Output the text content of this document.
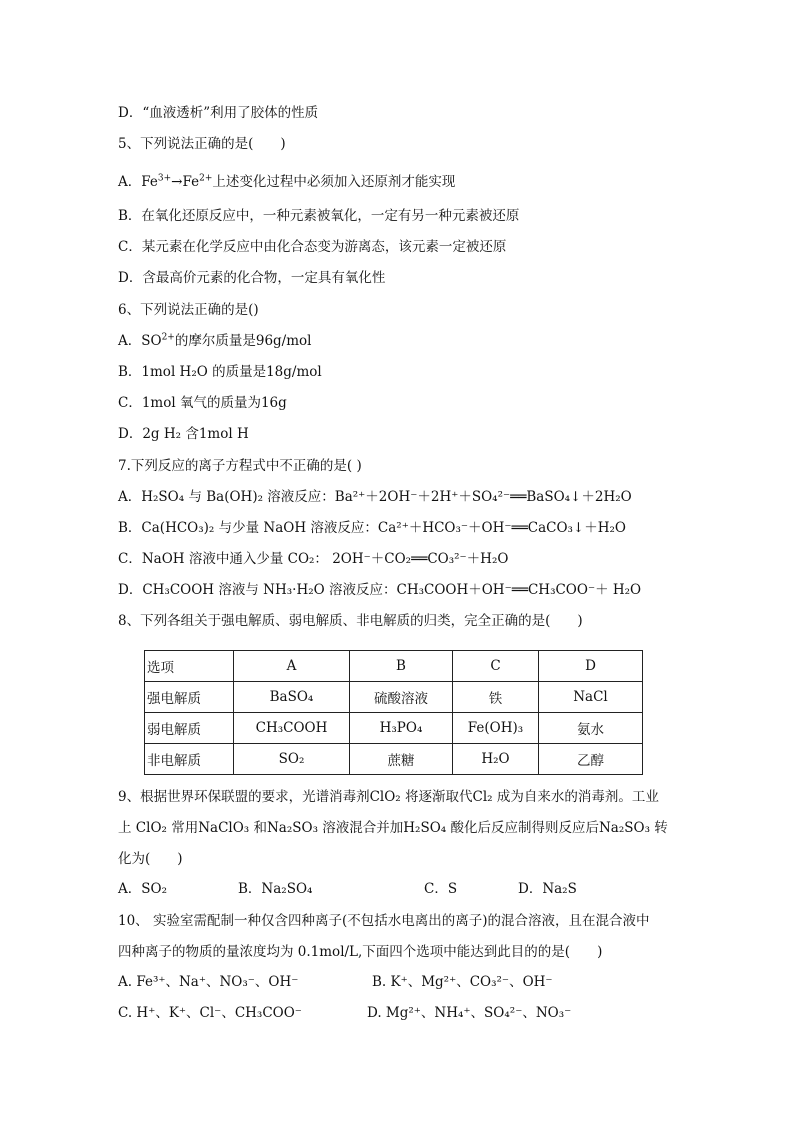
D．“血液透析”利用了胶体的性质
5、下列说法正确的是(　　)
A．$Fe^{3+}\to Fe^{2+}$上述变化过程中必须加入还原剂才能实现
B．在氧化还原反应中，一种元素被氧化，一定有另一种元素被还原
C．某元素在化学反应中由化合态变为游离态，该元素一定被还原
D．含最高价元素的化合物，一定具有氧化性
6、下列说法正确的是()
A．$SO^{2+}$的摩尔质量是96g/mol
B．1mol H₂O 的质量是18g/mol
C．1mol 氧气的质量为16g
D．2g H₂ 含1mol H
7.下列反应的离子方程式中不正确的是( )
A．H₂SO₄ 与 Ba(OH)₂ 溶液反应：Ba²⁺＋2OH⁻＋2H⁺＋SO₄²⁻══BaSO₄↓＋2H₂O
B．Ca(HCO₃)₂ 与少量 NaOH 溶液反应：Ca²⁺＋HCO₃⁻＋OH⁻══CaCO₃↓＋H₂O
C．NaOH 溶液中通入少量 CO₂： 2OH⁻＋CO₂══CO₃²⁻＋H₂O
D．CH₃COOH 溶液与 NH₃·H₂O 溶液反应：CH₃COOH＋OH⁻══CH₃COO⁻＋ H₂O
8、下列各组关于强电解质、弱电解质、非电解质的归类，完全正确的是(　　)
选项	A	B	C	D
强电解质	BaSO₄	硫酸溶液	铁	NaCl
弱电解质	CH₃COOH	H₃PO₄	Fe(OH)₃	氨水
非电解质	SO₂	蔗糖	H₂O	乙醇
9、根据世界环保联盟的要求，光谱消毒剂ClO₂ 将逐渐取代Cl₂ 成为自来水的消毒剂。工业
上 ClO₂ 常用NaClO₃ 和Na₂SO₃ 溶液混合并加H₂SO₄ 酸化后反应制得则反应后Na₂SO₃ 转
化为(　　)
A．SO₂	B．Na₂SO₄	C．S	D．Na₂S
10、 实验室需配制一种仅含四种离子(不包括水电离出的离子)的混合溶液，且在混合液中
四种离子的物质的量浓度均为 0.1mol/L,下面四个选项中能达到此目的的是(　　)
A. Fe³⁺、Na⁺、NO₃⁻、OH⁻	B. K⁺、Mg²⁺、CO₃²⁻、OH⁻
C. H⁺、K⁺、Cl⁻、CH₃COO⁻	D. Mg²⁺、NH₄⁺、SO₄²⁻、NO₃⁻
